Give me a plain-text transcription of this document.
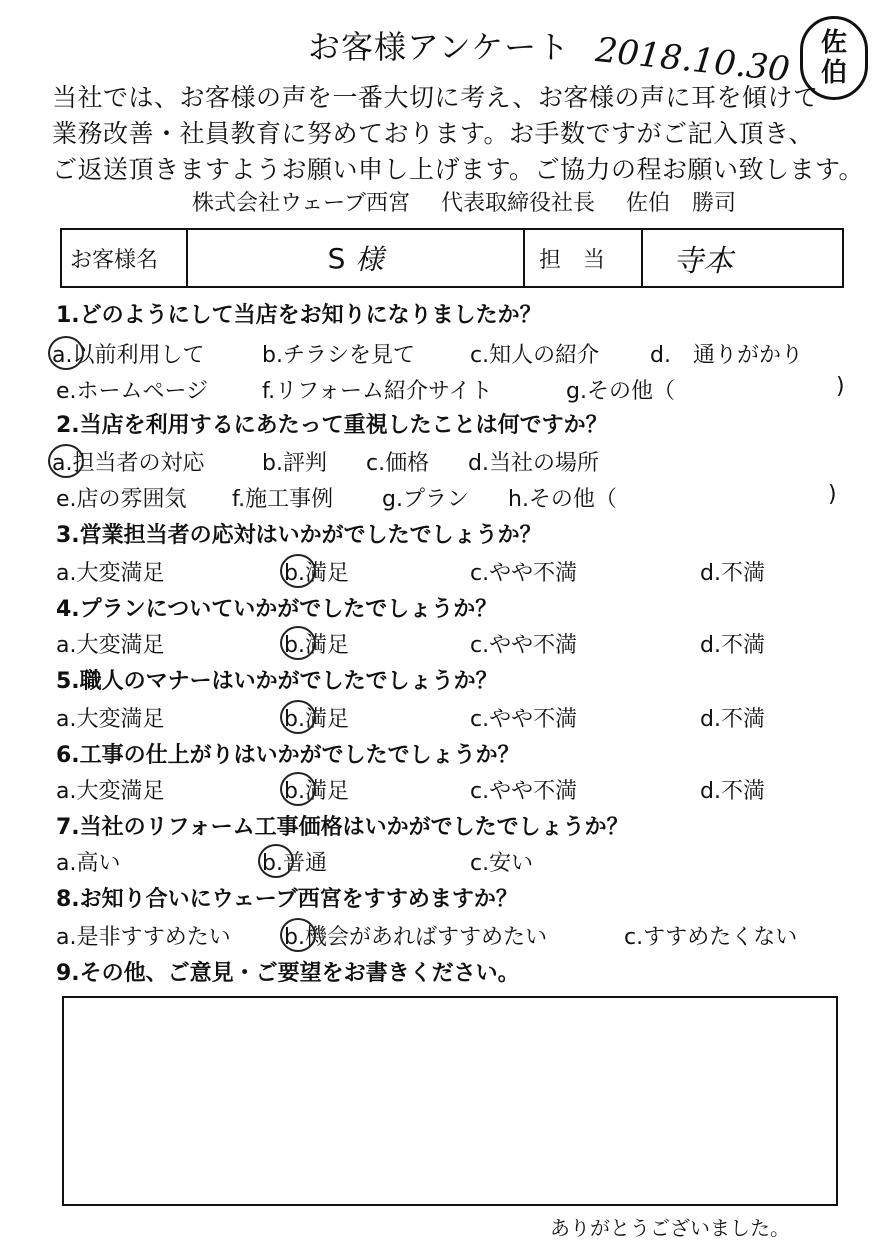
お客様アンケート 2018.10.30 佐
伯
当社では、お客様の声を一番大切に考え、お客様の声に耳を傾けて
業務改善・社員教育に努めております。お手数ですがご記入頂き、
ご返送頂きますようお願い申し上げます。ご協力の程お願い致します。
株式会社ウェーブ西宮 代表取締役社長 佐伯　勝司
お客様名	S 様	担当	寺本
1.どのようにして当店をお知りになりましたか？
a.以前利用して	b.チラシを見て	c.知人の紹介 d.　通りがかり
e.ホームページ f.リフォーム紹介サイト	g.その他（	)
2.当店を利用するにあたって重視したことは何ですか？
a.担当者の対応	b.評判 c.価格 d.当社の場所
e.店の雰囲気 f.施工事例 g.プラン h.その他（	)
3.営業担当者の応対はいかがでしたでしょうか？
a.大変満足	b.満足	c.やや不満	d.不満
4.プランについていかがでしたでしょうか？
a.大変満足	b.満足	c.やや不満	d.不満
5.職人のマナーはいかがでしたでしょうか？
a.大変満足	b.満足	c.やや不満	d.不満
6.工事の仕上がりはいかがでしたでしょうか？
a.大変満足	b.満足	c.やや不満	d.不満
7.当社のリフォーム工事価格はいかがでしたでしょうか？
a.高い	b.普通	c.安い
8.お知り合いにウェーブ西宮をすすめますか？
a.是非すすめたい b.機会があればすすめたい	c.すすめたくない
9.その他、ご意見・ご要望をお書きください。
ありがとうございました。
